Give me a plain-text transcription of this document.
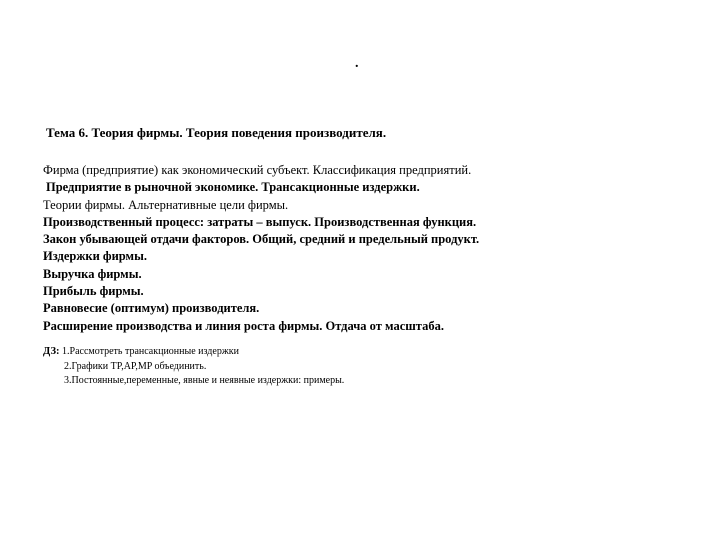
.
Тема 6. Теория фирмы. Теория поведения производителя.
Фирма (предприятие) как экономический субъект. Классификация предприятий.
Предприятие в рыночной экономике. Трансакционные издержки.
Теории фирмы. Альтернативные цели фирмы.
Производственный процесс: затраты – выпуск. Производственная функция.
Закон убывающей отдачи факторов. Общий, средний и предельный продукт.
Издержки фирмы.
Выручка фирмы.
Прибыль фирмы.
Равновесие (оптимум) производителя.
Расширение производства и линия роста фирмы. Отдача от масштаба.
ДЗ: 1.Рассмотреть трансакционные издержки
2.Графики TP,AP,MP объединить.
3.Постоянные,переменные, явные и неявные издержки: примеры.
